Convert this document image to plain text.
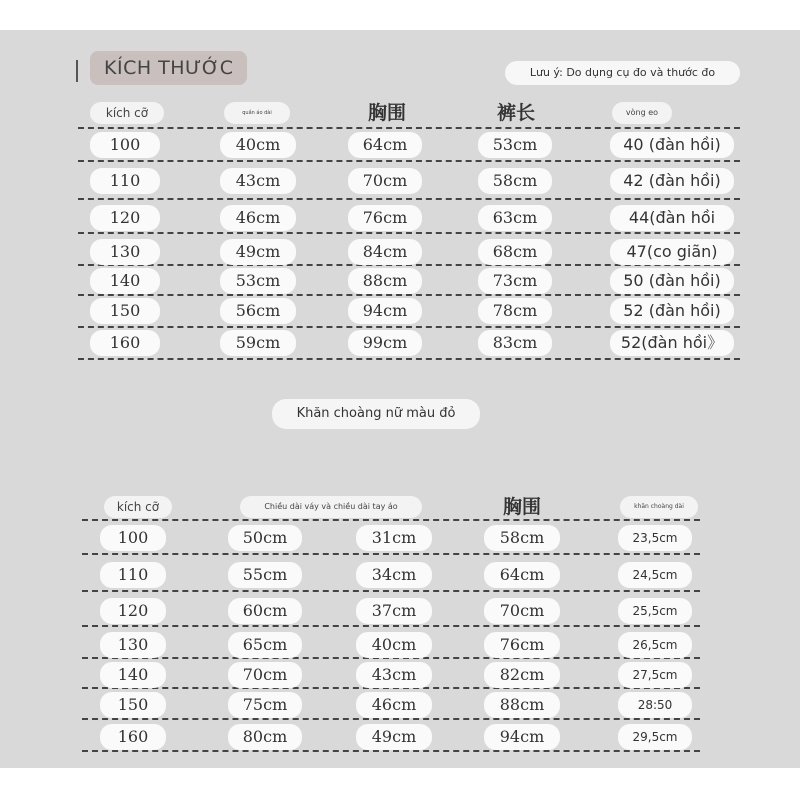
KÍCH THƯỚC	Lưu ý: Do dụng cụ đo và thước đo
Khăn choàng nữ màu đỏ
kích cỡ	quần áo dài	胸围	裤长	vòng eo
100	40cm	64cm	53cm	40 (đàn hồi)
110	43cm	70cm	58cm	42 (đàn hồi)
120	46cm	76cm	63cm	44(đàn hồi
130	49cm	84cm	68cm	47(co giãn)
140	53cm	88cm	73cm	50 (đàn hồi)
150	56cm	94cm	78cm	52 (đàn hồi)
160	59cm	99cm	83cm	52(đàn hồi》
kích cỡ	Chiều dài váy và chiều dài tay áo	胸围	khăn choàng dài
100	50cm	31cm	58cm	23,5cm
110	55cm	34cm	64cm	24,5cm
120	60cm	37cm	70cm	25,5cm
130	65cm	40cm	76cm	26,5cm
140	70cm	43cm	82cm	27,5cm
150	75cm	46cm	88cm	28:50
160	80cm	49cm	94cm	29,5cm
